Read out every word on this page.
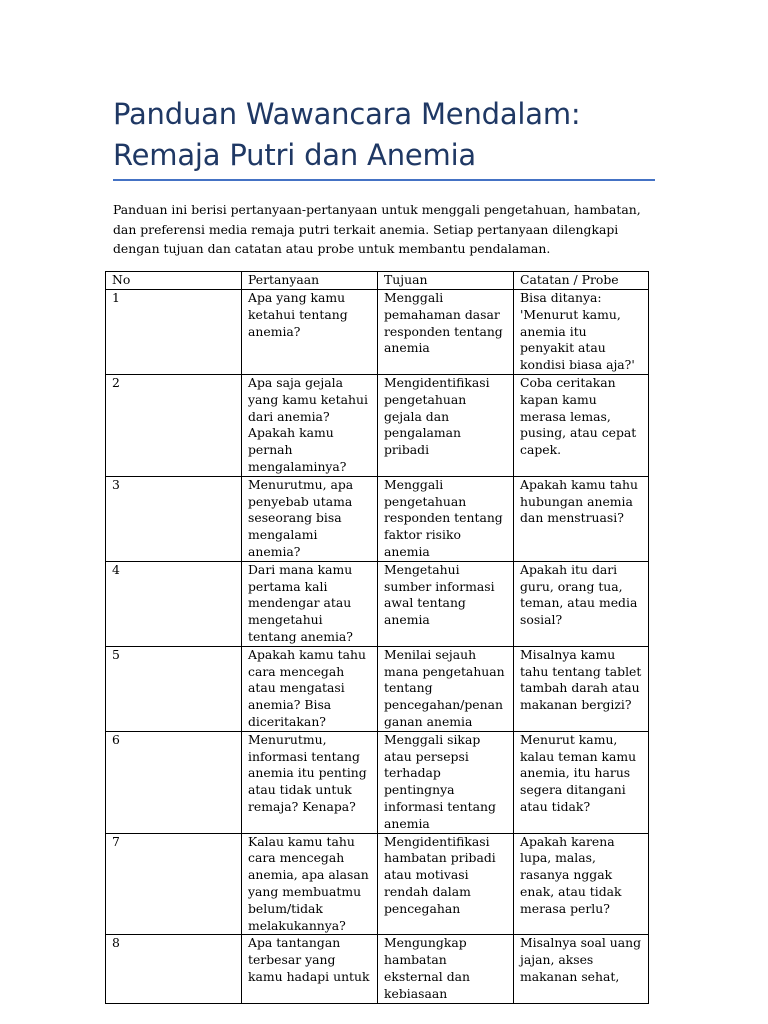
Panduan Wawancara Mendalam:
Remaja Putri dan Anemia

Panduan ini berisi pertanyaan-pertanyaan untuk menggali pengetahuan, hambatan, dan preferensi media remaja putri terkait anemia. Setiap pertanyaan dilengkapi dengan tujuan dan catatan atau probe untuk membantu pendalaman.

No	Pertanyaan	Tujuan	Catatan / Probe
1	Apa yang kamu ketahui tentang anemia?	Menggali pemahaman dasar responden tentang anemia	Bisa ditanya: 'Menurut kamu, anemia itu penyakit atau kondisi biasa aja?'
2	Apa saja gejala yang kamu ketahui dari anemia? Apakah kamu pernah mengalaminya?	Mengidentifikasi pengetahuan gejala dan pengalaman pribadi	Coba ceritakan kapan kamu merasa lemas, pusing, atau cepat capek.
3	Menurutmu, apa penyebab utama seseorang bisa mengalami anemia?	Menggali pengetahuan responden tentang faktor risiko anemia	Apakah kamu tahu hubungan anemia dan menstruasi?
4	Dari mana kamu pertama kali mendengar atau mengetahui tentang anemia?	Mengetahui sumber informasi awal tentang anemia	Apakah itu dari guru, orang tua, teman, atau media sosial?
5	Apakah kamu tahu cara mencegah atau mengatasi anemia? Bisa diceritakan?	Menilai sejauh mana pengetahuan tentang pencegahan/penanganan anemia	Misalnya kamu tahu tentang tablet tambah darah atau makanan bergizi?
6	Menurutmu, informasi tentang anemia itu penting atau tidak untuk remaja? Kenapa?	Menggali sikap atau persepsi terhadap pentingnya informasi tentang anemia	Menurut kamu, kalau teman kamu anemia, itu harus segera ditangani atau tidak?
7	Kalau kamu tahu cara mencegah anemia, apa alasan yang membuatmu belum/tidak melakukannya?	Mengidentifikasi hambatan pribadi atau motivasi rendah dalam pencegahan	Apakah karena lupa, malas, rasanya nggak enak, atau tidak merasa perlu?
8	Apa tantangan terbesar yang kamu hadapi untuk	Mengungkap hambatan eksternal dan kebiasaan	Misalnya soal uang jajan, akses makanan sehat,
